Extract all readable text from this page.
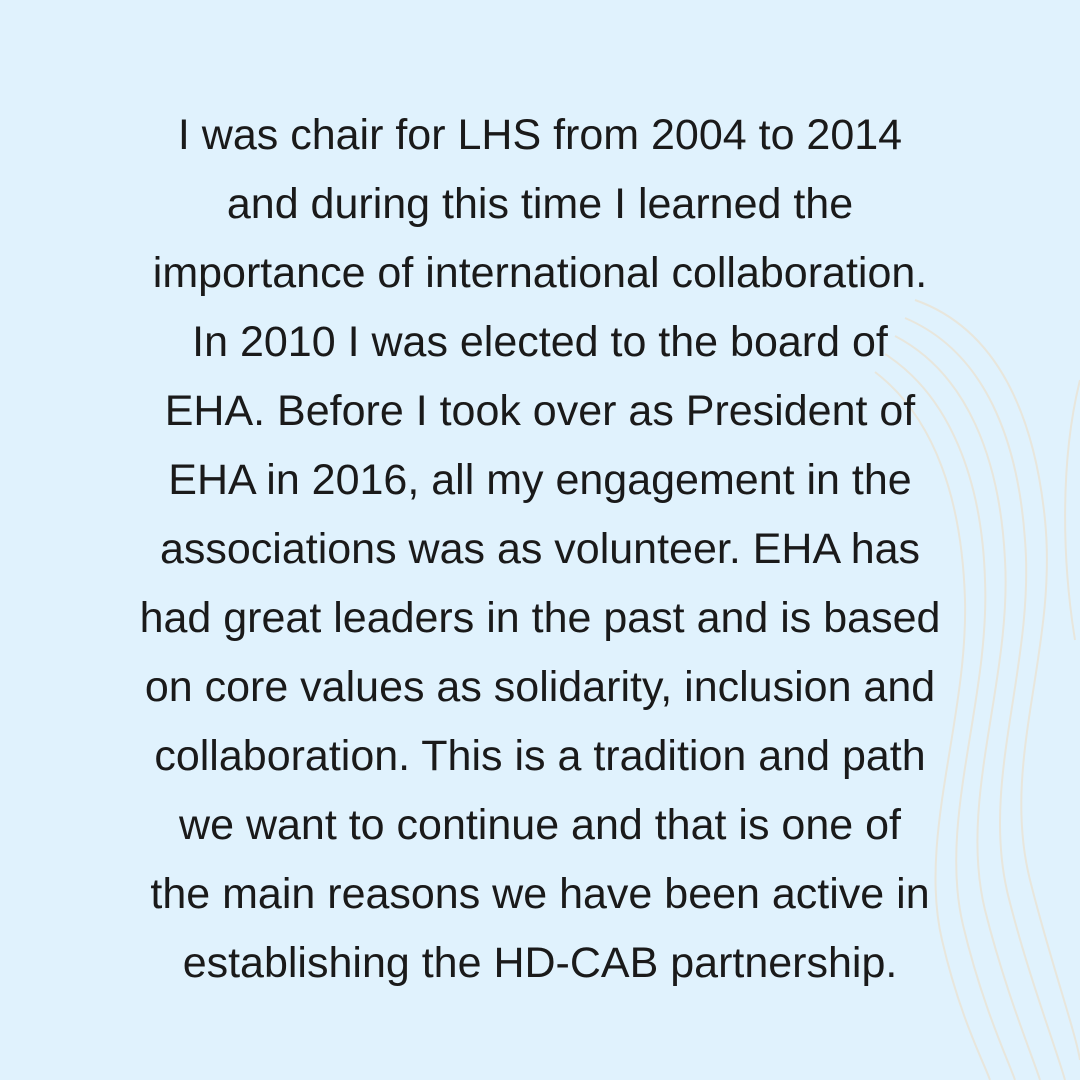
I was chair for LHS from 2004 to 2014
and during this time I learned the
importance of international collaboration.
In 2010 I was elected to the board of
EHA. Before I took over as President of
EHA in 2016, all my engagement in the
associations was as volunteer. EHA has
had great leaders in the past and is based
on core values as solidarity, inclusion and
collaboration. This is a tradition and path
we want to continue and that is one of
the main reasons we have been active in
establishing the HD-CAB partnership.
